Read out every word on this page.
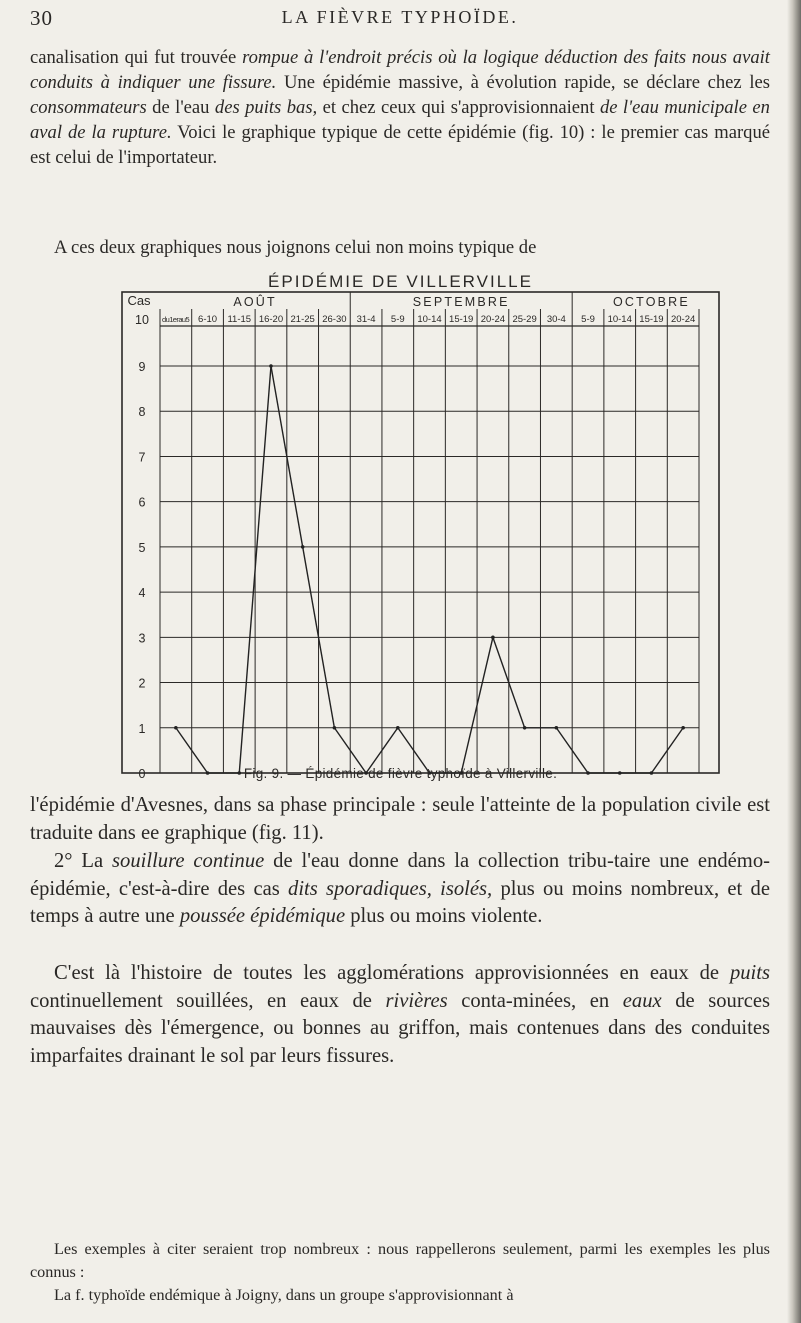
30	LA FIÈVRE TYPHOÏDE.

canalisation qui fut trouvée rompue à l'endroit précis où la logique déduction des faits nous avait conduits à indiquer une fissure. Une épidémie massive, à évolution rapide, se déclare chez les consommateurs de l'eau des puits bas, et chez ceux qui s'approvisionnaient de l'eau municipale en aval de la rupture. Voici le graphique typique de cette épidémie (fig. 10) : le premier cas marqué est celui de l'importateur.

A ces deux graphiques nous joignons celui non moins typique de

ÉPIDÉMIE DE VILLERVILLE
AOÛT	SEPTEMBRE	OCTOBRE
du1erau5 6-10 11-15 16-20 21-25 26-30 31-4 5-9 10-14 15-19 20-24 25-29 30-4 5-9 10-14 15-19 20-24
Cas
10
9
8
7
6
5
4
3
2
1
0	Fig. 9. — Épidémie de fièvre typhoïde à Villerville.

l'épidémie d'Avesnes, dans sa phase principale : seule l'atteinte de la population civile est traduite dans ee graphique (fig. 11).

2° La souillure continue de l'eau donne dans la collection tribu-taire une endémo-épidémie, c'est-à-dire des cas dits sporadiques, isolés, plus ou moins nombreux, et de temps à autre une poussée épidémique plus ou moins violente.

C'est là l'histoire de toutes les agglomérations approvisionnées en eaux de puits continuellement souillées, en eaux de rivières conta-minées, en eaux de sources mauvaises dès l'émergence, ou bonnes au griffon, mais contenues dans des conduites imparfaites drainant le sol par leurs fissures.

Les exemples à citer seraient trop nombreux : nous rappellerons seulement, parmi les exemples les plus connus :

La f. typhoïde endémique à Joigny, dans un groupe s'approvisionnant à
